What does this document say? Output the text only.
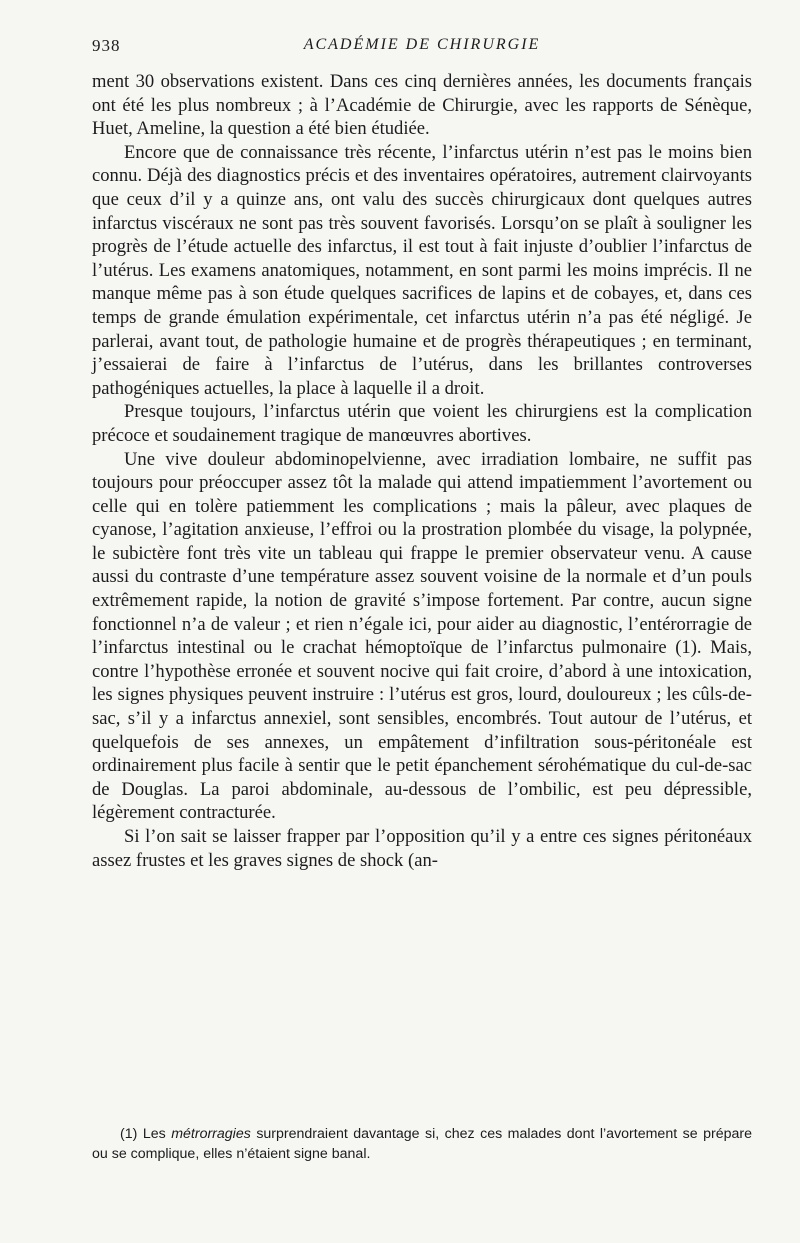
938	ACADÉMIE DE CHIRURGIE

ment 30 observations existent. Dans ces cinq dernières années, les documents français ont été les plus nombreux ; à l’Académie de Chirurgie, avec les rapports de Sénèque, Huet, Ameline, la question a été bien étudiée.

Encore que de connaissance très récente, l’infarctus utérin n’est pas le moins bien connu. Déjà des diagnostics précis et des inventaires opératoires, autrement clairvoyants que ceux d’il y a quinze ans, ont valu des succès chirurgicaux dont quelques autres infarctus viscéraux ne sont pas très souvent favorisés. Lorsqu’on se plaît à souligner les progrès de l’étude actuelle des infarctus, il est tout à fait injuste d’oublier l’infarctus de l’utérus. Les examens anatomiques, notamment, en sont parmi les moins imprécis. Il ne manque même pas à son étude quelques sacrifices de lapins et de cobayes, et, dans ces temps de grande émulation expérimentale, cet infarctus utérin n’a pas été négligé. Je parlerai, avant tout, de pathologie humaine et de progrès thérapeutiques ; en terminant, j’essaierai de faire à l’infarctus de l’utérus, dans les brillantes controverses pathogéniques actuelles, la place à laquelle il a droit.

Presque toujours, l’infarctus utérin que voient les chirurgiens est la complication précoce et soudainement tragique de manœuvres abortives.

Une vive douleur abdominopelvienne, avec irradiation lombaire, ne suffit pas toujours pour préoccuper assez tôt la malade qui attend impatiemment l’avortement ou celle qui en tolère patiemment les complications ; mais la pâleur, avec plaques de cyanose, l’agitation anxieuse, l’effroi ou la prostration plombée du visage, la polypnée, le subictère font très vite un tableau qui frappe le premier observateur venu. A cause aussi du contraste d’une température assez souvent voisine de la normale et d’un pouls extrêmement rapide, la notion de gravité s’impose fortement. Par contre, aucun signe fonctionnel n’a de valeur ; et rien n’égale ici, pour aider au diagnostic, l’entérorragie de l’infarctus intestinal ou le crachat hémoptoïque de l’infarctus pulmonaire (1). Mais, contre l’hypothèse erronée et souvent nocive qui fait croire, d’abord à une intoxication, les signes physiques peuvent instruire : l’utérus est gros, lourd, douloureux ; les cûls-de-sac, s’il y a infarctus annexiel, sont sensibles, encombrés. Tout autour de l’utérus, et quelquefois de ses annexes, un empâtement d’infiltration sous-péritonéale est ordinairement plus facile à sentir que le petit épanchement sérohématique du cul-de-sac de Douglas. La paroi abdominale, au-dessous de l’ombilic, est peu dépressible, légèrement contracturée.

Si l’on sait se laisser frapper par l’opposition qu’il y a entre ces signes péritonéaux assez frustes et les graves signes de shock (an-

(1) Les métrorragies surprendraient davantage si, chez ces malades dont l’avortement se prépare ou se complique, elles n’étaient signe banal.
